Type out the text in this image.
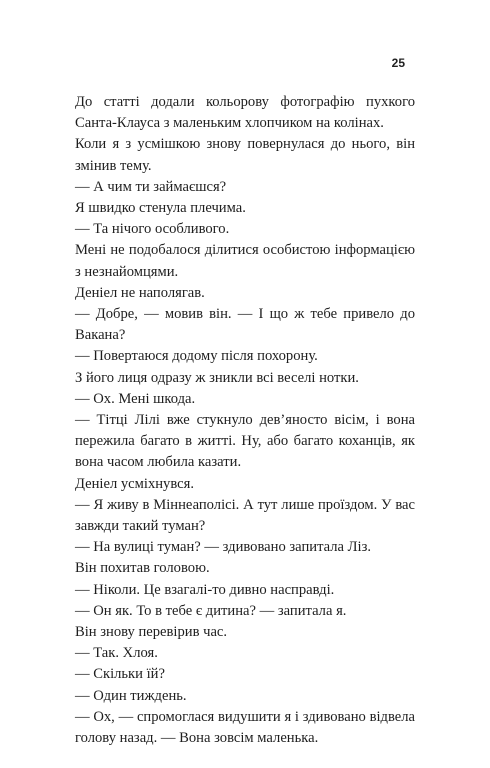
25

До статті додали кольорову фотографію пухкого Санта-Клауса з маленьким хлопчиком на колінах.

Коли я з усмішкою знову повернулася до нього, він змінив тему.

— А чим ти займаєшся?

Я швидко стенула плечима.

— Та нічого особливого.

Мені не подобалося ділитися особистою інформацією з незнайомцями.

Деніел не наполягав.

— Добре, — мовив він. — І що ж тебе привело до Вакана?

— Повертаюся додому після похорону.

З його лиця одразу ж зникли всі веселі нотки.

— Ох. Мені шкода.

— Тітці Лілі вже стукнуло дев’яносто вісім, і вона пережила багато в житті. Ну, або багато коханців, як вона часом любила казати.

Деніел усміхнувся.

— Я живу в Міннеаполісі. А тут лише проїздом. У вас завжди такий туман?

— На вулиці туман? — здивовано запитала Ліз.

Він похитав головою.

— Ніколи. Це взагалі-то дивно насправді.

— Он як. То в тебе є дитина? — запитала я.

Він знову перевірив час.

— Так. Хлоя.

— Скільки їй?

— Один тиждень.

— Ох, — спромоглася видушити я і здивовано відвела голову назад. — Вона зовсім маленька.
